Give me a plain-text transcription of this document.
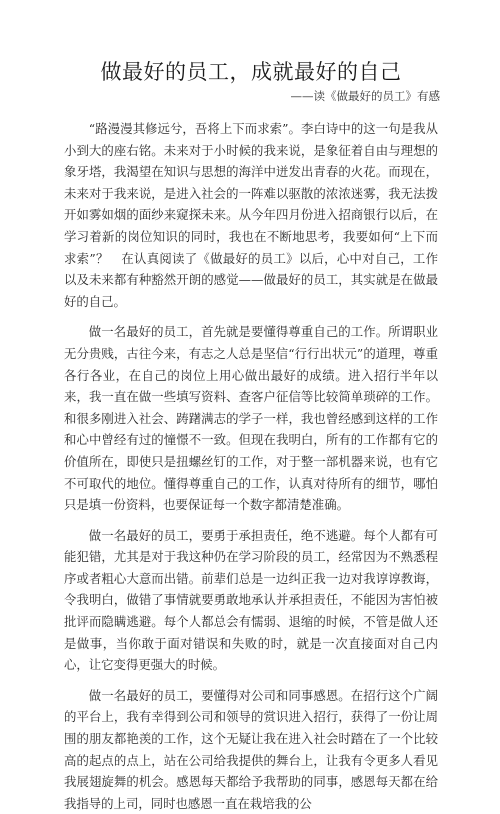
做最好的员工，成就最好的自己
——读《做最好的员工》有感

“路漫漫其修远兮，吾将上下而求索”。李白诗中的这一句是我从小到大的座右铭。未来对于小时候的我来说，是象征着自由与理想的象牙塔，我渴望在知识与思想的海洋中迸发出青春的火花。而现在，未来对于我来说，是进入社会的一阵难以驱散的浓浓迷雾，我无法拨开如雾如烟的面纱来窥探未来。从今年四月份进入招商银行以后，在学习着新的岗位知识的同时，我也在不断地思考，我要如何“上下而求索”？　在认真阅读了《做最好的员工》以后，心中对自己，工作以及未来都有种豁然开朗的感觉——做最好的员工，其实就是在做最好的自己。

做一名最好的员工，首先就是要懂得尊重自己的工作。所谓职业无分贵贱，古往今来，有志之人总是坚信“行行出状元”的道理，尊重各行各业，在自己的岗位上用心做出最好的成绩。进入招行半年以来，我一直在做一些填写资料、查客户征信等比较简单琐碎的工作。和很多刚进入社会、踌躇满志的学子一样，我也曾经感到这样的工作和心中曾经有过的憧憬不一致。但现在我明白，所有的工作都有它的价值所在，即使只是扭螺丝钉的工作，对于整一部机器来说，也有它不可取代的地位。懂得尊重自己的工作，认真对待所有的细节，哪怕只是填一份资料，也要保证每一个数字都清楚准确。

做一名最好的员工，要勇于承担责任，绝不逃避。每个人都有可能犯错，尤其是对于我这种仍在学习阶段的员工，经常因为不熟悉程序或者粗心大意而出错。前辈们总是一边纠正我一边对我谆谆教诲，令我明白，做错了事情就要勇敢地承认并承担责任，不能因为害怕被批评而隐瞒逃避。每个人都总会有懦弱、退缩的时候，不管是做人还是做事，当你敢于面对错误和失败的时，就是一次直接面对自己内心，让它变得更强大的时候。

做一名最好的员工，要懂得对公司和同事感恩。在招行这个广阔的平台上，我有幸得到公司和领导的赏识进入招行，获得了一份让周围的朋友都艳羡的工作，这个无疑让我在进入社会时踏在了一个比较高的起点的点上，站在公司给我提供的舞台上，让我有令更多人看见我展翅旋舞的机会。感恩每天都给予我帮助的同事，感恩每天都在给我指导的上司，同时也感恩一直在栽培我的公
